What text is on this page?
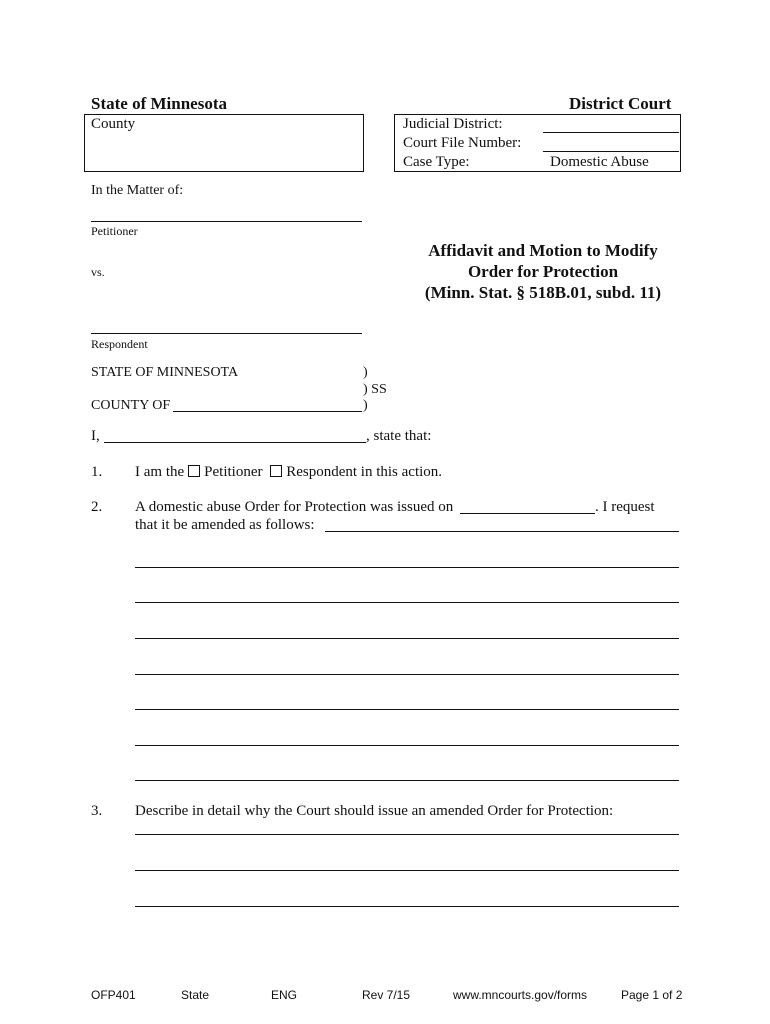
State of Minnesota	District Court
County	Judicial District:
Court File Number:
Case Type:	Domestic Abuse
In the Matter of:
Petitioner
vs.
Respondent
Affidavit and Motion to Modify
Order for Protection
(Minn. Stat. § 518B.01, subd. 11)
STATE OF MINNESOTA	)
) SS
COUNTY OF	)
I,	, state that:
1. I am the Petitioner Respondent in this action.
2. A domestic abuse Order for Protection was issued on	. I request
that it be amended as follows:
3. Describe in detail why the Court should issue an amended Order for Protection:
OFP401	State	ENG	Rev 7/15	www.mncourts.gov/forms	Page 1 of 2
